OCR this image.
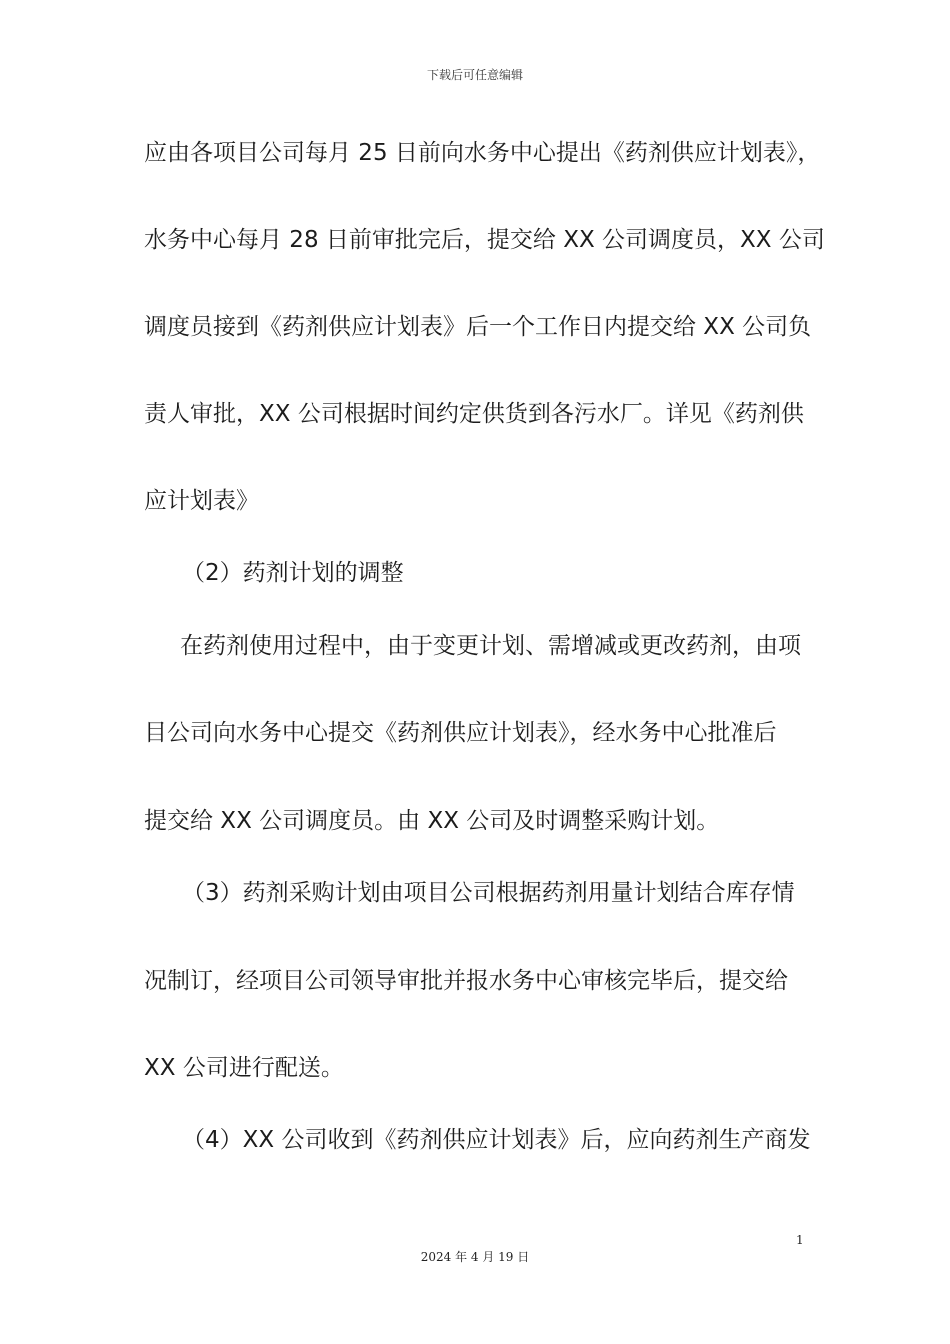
下载后可任意编辑
应由各项目公司每月 25 日前向水务中心提出《药剂供应计划表》，
水务中心每月 28 日前审批完后，提交给 XX 公司调度员，XX 公司
调度员接到《药剂供应计划表》后一个工作日内提交给 XX 公司负
责人审批，XX 公司根据时间约定供货到各污水厂。详见《药剂供
应计划表》
（2）药剂计划的调整
在药剂使用过程中，由于变更计划、需增减或更改药剂，由项
目公司向水务中心提交《药剂供应计划表》，经水务中心批准后
提交给 XX 公司调度员。由 XX 公司及时调整采购计划。
（3）药剂采购计划由项目公司根据药剂用量计划结合库存情
况制订，经项目公司领导审批并报水务中心审核完毕后，提交给
XX 公司进行配送。
（4）XX 公司收到《药剂供应计划表》后，应向药剂生产商发
1
2024 年 4 月 19 日
